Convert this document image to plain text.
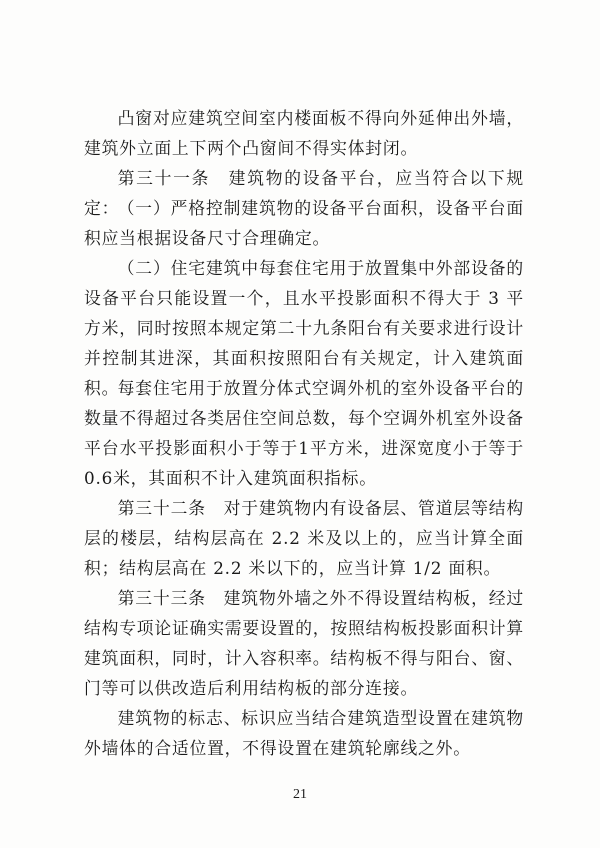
凸窗对应建筑空间室内楼面板不得向外延伸出外墙，建筑外立面上下两个凸窗间不得实体封闭。

第三十一条　建筑物的设备平台，应当符合以下规定：

（一）严格控制建筑物的设备平台面积，设备平台面积应当根据设备尺寸合理确定。

（二）住宅建筑中每套住宅用于放置集中外部设备的设备平台只能设置一个，且水平投影面积不得大于 3 平方米，同时按照本规定第二十九条阳台有关要求进行设计并控制其进深，其面积按照阳台有关规定，计入建筑面积。

每套住宅用于放置分体式空调外机的室外设备平台的数量不得超过各类居住空间总数，每个空调外机室外设备平台水平投影面积小于等于1平方米，进深宽度小于等于0.6米，其面积不计入建筑面积指标。

第三十二条　对于建筑物内有设备层、管道层等结构层的楼层，结构层高在 2.2 米及以上的，应当计算全面积；结构层高在 2.2 米以下的，应当计算 1/2 面积。

第三十三条　建筑物外墙之外不得设置结构板，经过结构专项论证确实需要设置的，按照结构板投影面积计算建筑面积，同时，计入容积率。结构板不得与阳台、窗、门等可以供改造后利用结构板的部分连接。

建筑物的标志、标识应当结合建筑造型设置在建筑物外墙体的合适位置，不得设置在建筑轮廓线之外。

21
